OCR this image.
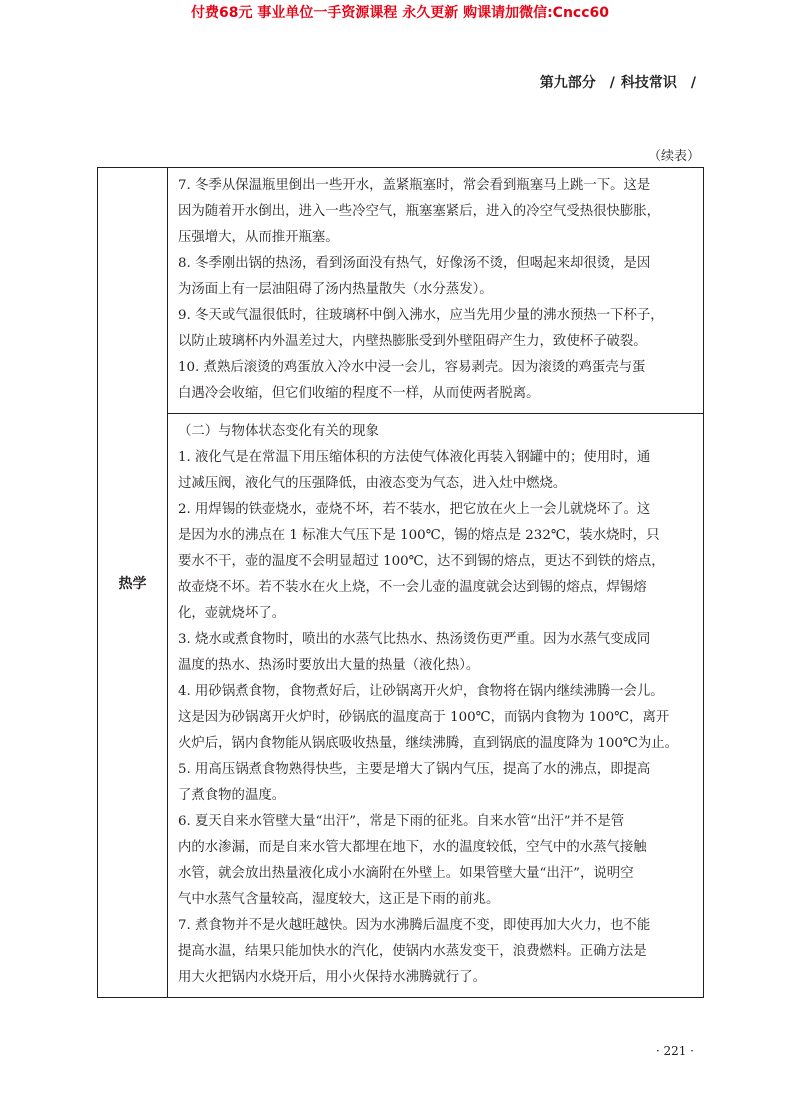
付费68元 事业单位一手资源课程 永久更新 购课请加微信:Cncc60
第九部分 / 科技常识 /
（续表）
热学	
7. 冬季从保温瓶里倒出一些开水，盖紧瓶塞时，常会看到瓶塞马上跳一下。这是
因为随着开水倒出，进入一些冷空气，瓶塞塞紧后，进入的冷空气受热很快膨胀，
压强增大，从而推开瓶塞。
8. 冬季刚出锅的热汤，看到汤面没有热气，好像汤不烫，但喝起来却很烫，是因
为汤面上有一层油阻碍了汤内热量散失（水分蒸发）。
9. 冬天或气温很低时，往玻璃杯中倒入沸水，应当先用少量的沸水预热一下杯子，
以防止玻璃杯内外温差过大，内壁热膨胀受到外壁阻碍产生力，致使杯子破裂。
10. 煮熟后滚烫的鸡蛋放入冷水中浸一会儿，容易剥壳。因为滚烫的鸡蛋壳与蛋
白遇冷会收缩，但它们收缩的程度不一样，从而使两者脱离。

（二）与物体状态变化有关的现象
1. 液化气是在常温下用压缩体积的方法使气体液化再装入钢罐中的；使用时，通
过减压阀，液化气的压强降低，由液态变为气态，进入灶中燃烧。
2. 用焊锡的铁壶烧水，壶烧不坏，若不装水，把它放在火上一会儿就烧坏了。这
是因为水的沸点在 1 标准大气压下是 100℃，锡的熔点是 232℃，装水烧时，只
要水不干，壶的温度不会明显超过 100℃，达不到锡的熔点，更达不到铁的熔点，
故壶烧不坏。若不装水在火上烧，不一会儿壶的温度就会达到锡的熔点，焊锡熔
化，壶就烧坏了。
3. 烧水或煮食物时，喷出的水蒸气比热水、热汤烫伤更严重。因为水蒸气变成同
温度的热水、热汤时要放出大量的热量（液化热）。
4. 用砂锅煮食物，食物煮好后，让砂锅离开火炉，食物将在锅内继续沸腾一会儿。
这是因为砂锅离开火炉时，砂锅底的温度高于 100℃，而锅内食物为 100℃，离开
火炉后，锅内食物能从锅底吸收热量，继续沸腾，直到锅底的温度降为 100℃为止。
5. 用高压锅煮食物熟得快些，主要是增大了锅内气压，提高了水的沸点，即提高
了煮食物的温度。
6. 夏天自来水管壁大量“出汗”，常是下雨的征兆。自来水管“出汗”并不是管
内的水渗漏，而是自来水管大都埋在地下，水的温度较低，空气中的水蒸气接触
水管，就会放出热量液化成小水滴附在外壁上。如果管壁大量“出汗”，说明空
气中水蒸气含量较高，湿度较大，这正是下雨的前兆。
7. 煮食物并不是火越旺越快。因为水沸腾后温度不变，即使再加大火力，也不能
提高水温，结果只能加快水的汽化，使锅内水蒸发变干，浪费燃料。正确方法是
用大火把锅内水烧开后，用小火保持水沸腾就行了。
· 221 ·
